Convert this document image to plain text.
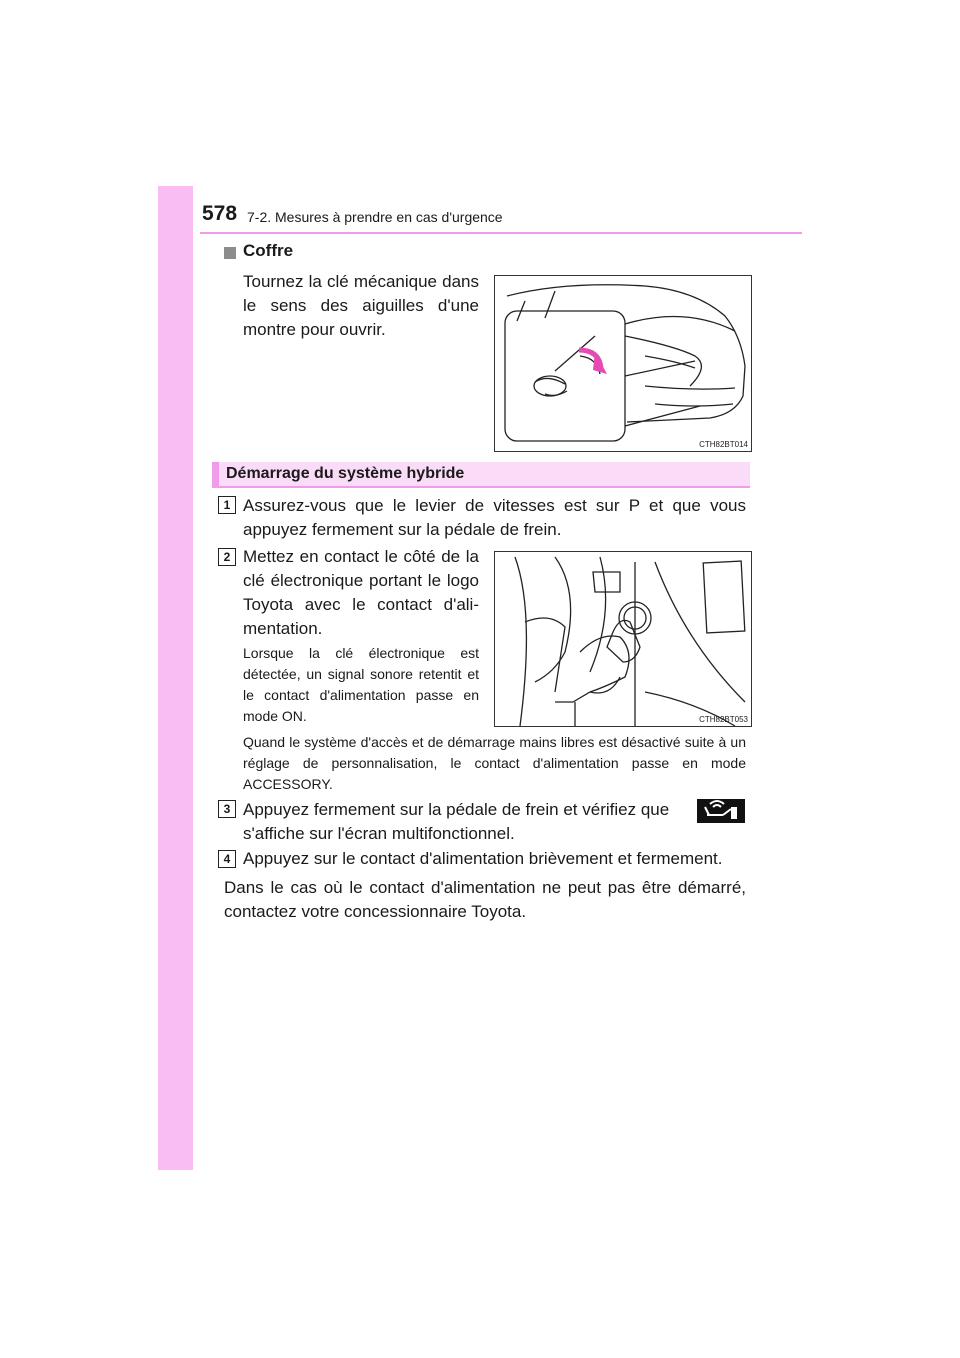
578 7-2. Mesures à prendre en cas d'urgence
Coffre

Tournez la clé mécanique dans le sens des aiguilles d'une montre pour ouvrir.

CTH82BT014
Démarrage du système hybride
1 Assurez-vous que le levier de vitesses est sur P et que vous appuyez fermement sur la pédale de frein.

2 Mettez en contact le côté de la clé électronique portant le logo Toyota avec le contact d'ali-mentation.

Lorsque la clé électronique est détectée, un signal sonore retentit et le contact d'alimentation passe en mode ON.	CTH82BT053

Quand le système d'accès et de démarrage mains libres est désactivé suite à un réglage de personnalisation, le contact d'alimentation passe en mode ACCESSORY.

3 Appuyez fermement sur la pédale de frein et vérifiez que

s'affiche sur l'écran multifonctionnel.

4 Appuyez sur le contact d'alimentation brièvement et fermement.

Dans le cas où le contact d'alimentation ne peut pas être démarré, contactez votre concessionnaire Toyota.
